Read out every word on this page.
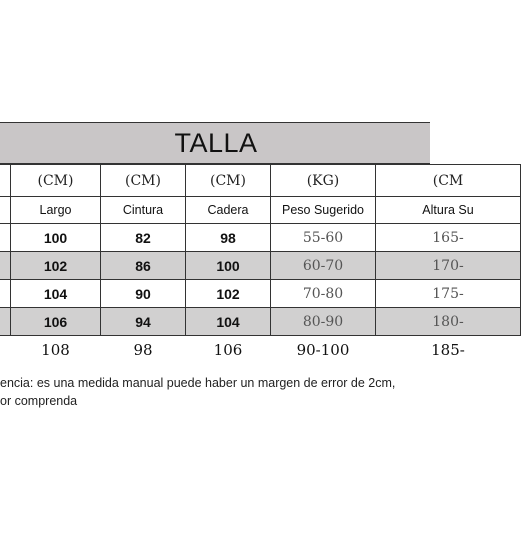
TALLA
	(CM)	(CM)	(CM)	(KG)	(CM
	Largo	Cintura	Cadera	Peso Sugerido	Altura Su
	100	82	98	55-60	165-
	102	86	100	60-70	170-
	104	90	102	70-80	175-
	106	94	104	80-90	180-
	108	98	106	90-100	185-
encia: es una medida manual puede haber un margen de error de 2cm,
or comprenda
